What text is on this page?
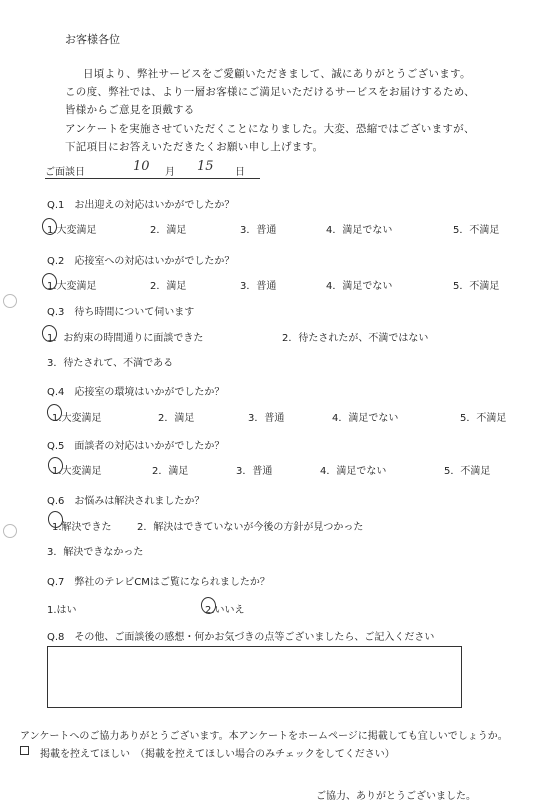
お客様各位
日頃より、弊社サービスをご愛顧いただきまして、誠にありがとうございます。
この度、弊社では、より一層お客様にご満足いただけるサービスをお届けするため、
皆様からご意見を頂戴する
アンケートを実施させていただくことになりました。大変、恐縮ではございますが、
下記項目にお答えいただきたくお願い申し上げます。
ご面談日	10 月 15 日
Q.1　お出迎えの対応はいかがでしたか？
1.大変満足	2．満足	3．普通	4．満足でない	5．不満足
Q.2　応接室への対応はいかがでしたか？
1.大変満足	2．満足	3．普通	4．満足でない	5．不満足
Q.3　待ち時間について伺います
1．お約束の時間通りに面談できた	2．待たされたが、不満ではない
3．待たされて、不満である
Q.4　応接室の環境はいかがでしたか？
1.大変満足	2．満足	3．普通	4．満足でない	5．不満足
Q.5　面談者の対応はいかがでしたか？
1.大変満足	2．満足	3．普通	4．満足でない	5．不満足
Q.6　お悩みは解決されましたか？
1.解決できた	2．解決はできていないが今後の方針が見つかった
3．解決できなかった
Q.7　弊社のテレビCMはご覧になられましたか？
1.はい	2.いいえ
Q.8　その他、ご面談後の感想・何かお気づきの点等ございましたら、ご記入ください
アンケートへのご協力ありがとうございます。本アンケートをホームページに掲載しても宜しいでしょうか。
掲載を控えてほしい　（掲載を控えてほしい場合のみチェックをしてください）
ご協力、ありがとうございました。
